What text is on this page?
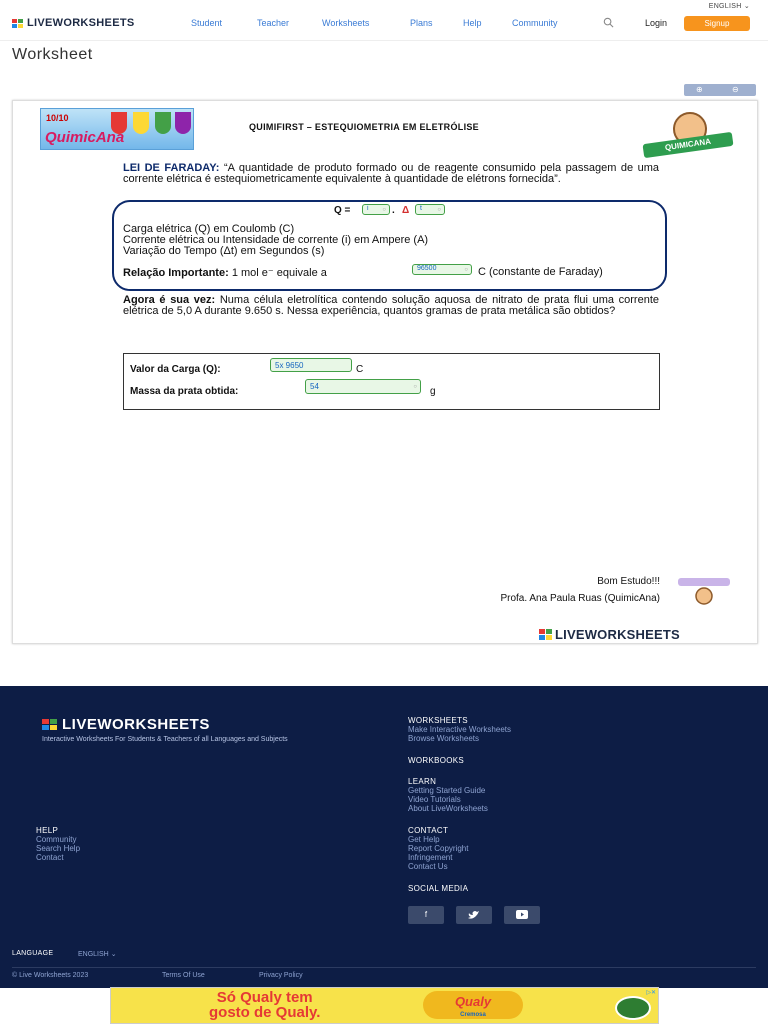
ENGLISH ⌄
LIVEWORKSHEETS	Student	Teacher	Worksheets	Plans	Help	Community	Login	Signup
Worksheet
⊕	⊖
10/10
QuimicAna
QUIMIFIRST – ESTEQUIOMETRIA EM ELETRÓLISE
QUIMICANA
LEI DE FARADAY: “A quantidade de produto formado ou de reagente consumido pela passagem de uma corrente elétrica é estequiometricamente equivalente à quantidade de elétrons fornecida”.
Q =	i ○ . Δ	t	○
Carga elétrica (Q) em Coulomb (C)
Corrente elétrica ou Intensidade de corrente (i) em Ampere (A)
Variação do Tempo (Δt) em Segundos (s)
Relação Importante: 1 mol e⁻ equivale a	96500	○ C (constante de Faraday)
Agora é sua vez: Numa célula eletrolítica contendo solução aquosa de nitrato de prata flui uma corrente elétrica de 5,0 A durante 9.650 s. Nessa experiência, quantos gramas de prata metálica são obtidos?
Valor da Carga (Q):	5x 9650	C
Massa da prata obtida:	54	○ g
Bom Estudo!!!
Profa. Ana Paula Ruas (QuimicAna)
LIVEWORKSHEETS
LIVEWORKSHEETS
Interactive Worksheets For Students & Teachers of all Languages and Subjects
WORKSHEETS
Make Interactive Worksheets
Browse Worksheets
WORKBOOKS
LEARN
Getting Started Guide
Video Tutorials
About LiveWorksheets
HELP
Community
Search Help
Contact
CONTACT
Get Help
Report Copyright
Infringement
Contact Us
SOCIAL MEDIA
f
LANGUAGE	ENGLISH ⌄
© Live Worksheets 2023	Terms Of Use	Privacy Policy
Só Qualy tem
gosto de Qualy.
Qualy
Cremosa
▷✕
